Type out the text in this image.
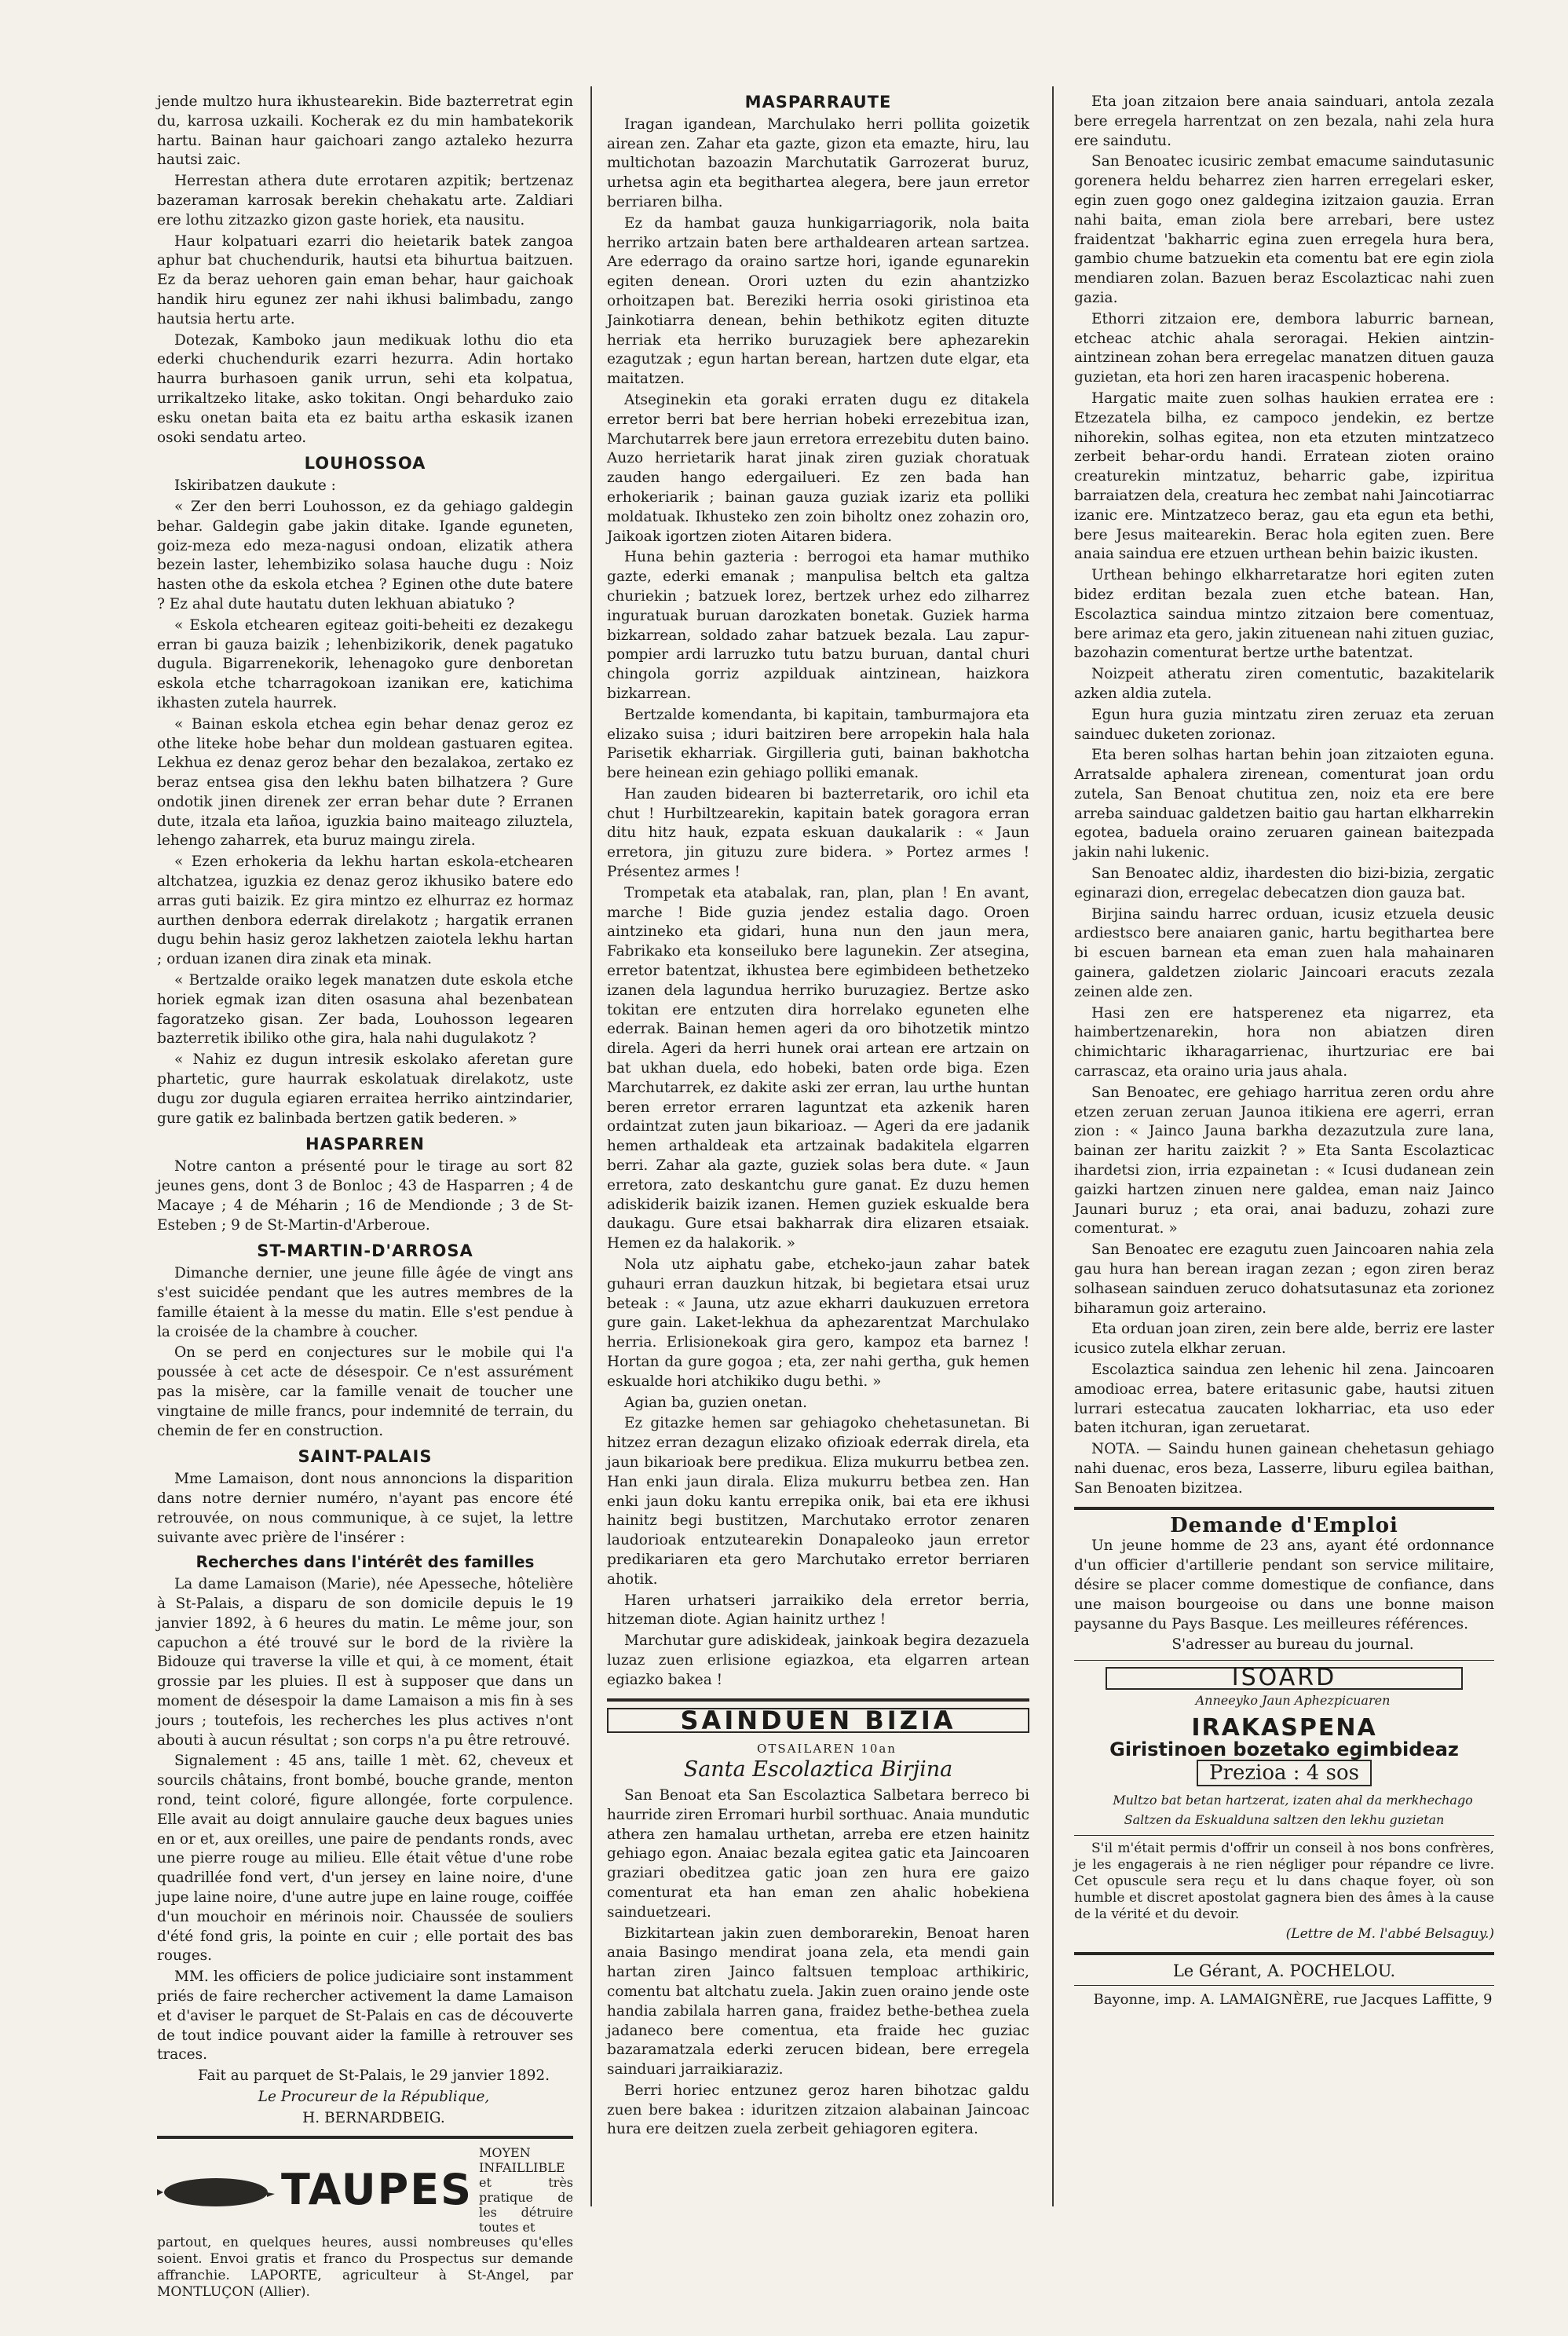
jende multzo hura ikhustearekin. Bide bazterretrat egin du, karrosa uzkaili. Kocherak ez du min hambatekorik hartu. Bainan haur gaichoari zango aztaleko hezurra hautsi zaic.

Herrestan athera dute errotaren azpitik; bertzenaz bazeraman karrosak berekin chehakatu arte. Zaldiari ere lothu zitzazko gizon gaste horiek, eta nausitu.

Haur kolpatuari ezarri dio heietarik batek zangoa aphur bat chuchendurik, hautsi eta bihurtua baitzuen. Ez da beraz uehoren gain eman behar, haur gaichoak handik hiru egunez zer nahi ikhusi balimbadu, zango hautsia hertu arte.

Dotezak, Kamboko jaun medikuak lothu dio eta ederki chuchendurik ezarri hezurra. Adin hortako haurra burhasoen ganik urrun, sehi eta kolpatua, urrikaltzeko litake, asko tokitan. Ongi beharduko zaio esku onetan baita eta ez baitu artha eskasik izanen osoki sendatu arteo.

LOUHOSSOA

Iskiribatzen daukute :

« Zer den berri Louhosson, ez da gehiago galdegin behar. Galdegin gabe jakin ditake. Igande eguneten, goiz-meza edo meza-nagusi ondoan, elizatik athera bezein laster, lehembiziko solasa hauche dugu : Noiz hasten othe da eskola etchea ? Eginen othe dute batere ? Ez ahal dute hautatu duten lekhuan abiatuko ?

« Eskola etchearen egiteaz goiti-beheiti ez dezakegu erran bi gauza baizik ; lehenbizikorik, denek pagatuko dugula. Bigarrenekorik, lehenagoko gure denboretan eskola etche tcharragokoan izanikan ere, katichima ikhasten zutela haurrek.

« Bainan eskola etchea egin behar denaz geroz ez othe liteke hobe behar dun moldean gastuaren egitea. Lekhua ez denaz geroz behar den bezalakoa, zertako ez beraz entsea gisa den lekhu baten bilhatzera ? Gure ondotik jinen direnek zer erran behar dute ? Erranen dute, itzala eta lañoa, iguzkia baino maiteago ziluztela, lehengo zaharrek, eta buruz maingu zirela.

« Ezen erhokeria da lekhu hartan eskola-etchearen altchatzea, iguzkia ez denaz geroz ikhusiko batere edo arras guti baizik. Ez gira mintzo ez elhurraz ez hormaz aurthen denbora ederrak direlakotz ; hargatik erranen dugu behin hasiz geroz lakhetzen zaiotela lekhu hartan ; orduan izanen dira zinak eta minak.

« Bertzalde oraiko legek manatzen dute eskola etche horiek egmak izan diten osasuna ahal bezenbatean fagoratzeko gisan. Zer bada, Louhosson legearen bazterretik ibiliko othe gira, hala nahi dugulakotz ?

« Nahiz ez dugun intresik eskolako aferetan gure phartetic, gure haurrak eskolatuak direlakotz, uste dugu zor dugula egiaren erraitea herriko aintzindarier, gure gatik ez balinbada bertzen gatik bederen. »

HASPARREN

Notre canton a présenté pour le tirage au sort 82 jeunes gens, dont 3 de Bonloc ; 43 de Hasparren ; 4 de Macaye ; 4 de Méharin ; 16 de Mendionde ; 3 de St-Esteben ; 9 de St-Martin-d'Arberoue.

ST-MARTIN-D'ARROSA

Dimanche dernier, une jeune fille âgée de vingt ans s'est suicidée pendant que les autres membres de la famille étaient à la messe du matin. Elle s'est pendue à la croisée de la chambre à coucher.

On se perd en conjectures sur le mobile qui l'a poussée à cet acte de désespoir. Ce n'est assurément pas la misère, car la famille venait de toucher une vingtaine de mille francs, pour indemnité de terrain, du chemin de fer en construction.

SAINT-PALAIS

Mme Lamaison, dont nous annoncions la disparition dans notre dernier numéro, n'ayant pas encore été retrouvée, on nous communique, à ce sujet, la lettre suivante avec prière de l'insérer :

Recherches dans l'intérêt des familles

La dame Lamaison (Marie), née Apesseche, hôtelière à St-Palais, a disparu de son domicile depuis le 19 janvier 1892, à 6 heures du matin. Le même jour, son capuchon a été trouvé sur le bord de la rivière la Bidouze qui traverse la ville et qui, à ce moment, était grossie par les pluies. Il est à supposer que dans un moment de désespoir la dame Lamaison a mis fin à ses jours ; toutefois, les recherches les plus actives n'ont abouti à aucun résultat ; son corps n'a pu être retrouvé.

Signalement : 45 ans, taille 1 mèt. 62, cheveux et sourcils châtains, front bombé, bouche grande, menton rond, teint coloré, figure allongée, forte corpulence. Elle avait au doigt annulaire gauche deux bagues unies en or et, aux oreilles, une paire de pendants ronds, avec une pierre rouge au milieu. Elle était vêtue d'une robe quadrillée fond vert, d'un jersey en laine noire, d'une jupe laine noire, d'une autre jupe en laine rouge, coiffée d'un mouchoir en mérinois noir. Chaussée de souliers d'été fond gris, la pointe en cuir ; elle portait des bas rouges.

MM. les officiers de police judiciaire sont instamment priés de faire rechercher activement la dame Lamaison et d'aviser le parquet de St-Palais en cas de découverte de tout indice pouvant aider la famille à retrouver ses traces.

Fait au parquet de St-Palais, le 29 janvier 1892.

Le Procureur de la République,

H. BERNARDBEIG.

TAUPES
MOYEN INFAILLIBLE et très pratique de les détruire toutes et

partout, en quelques heures, aussi nombreuses qu'elles soient. Envoi gratis et franco du Prospectus sur demande affranchie. LAPORTE, agriculteur à St-Angel, par MONTLUÇON (Allier).

MASPARRAUTE

Iragan igandean, Marchulako herri pollita goizetik airean zen. Zahar eta gazte, gizon eta emazte, hiru, lau multichotan bazoazin Marchutatik Garrozerat buruz, urhetsa agin eta begithartea alegera, bere jaun erretor berriaren bilha.

Ez da hambat gauza hunkigarriagorik, nola baita herriko artzain baten bere arthaldearen artean sartzea. Are ederrago da oraino sartze hori, igande egunarekin egiten denean. Orori uzten du ezin ahantzizko orhoitzapen bat. Bereziki herria osoki giristinoa eta Jainkotiarra denean, behin bethikotz egiten dituzte herriak eta herriko buruzagiek bere aphezarekin ezagutzak ; egun hartan berean, hartzen dute elgar, eta maitatzen.

Atseginekin eta goraki erraten dugu ez ditakela erretor berri bat bere herrian hobeki errezebitua izan, Marchutarrek bere jaun erretora errezebitu duten baino. Auzo herrietarik harat jinak ziren guziak choratuak zauden hango edergailueri. Ez zen bada han erhokeriarik ; bainan gauza guziak izariz eta polliki moldatuak. Ikhusteko zen zoin biholtz onez zohazin oro, Jaikoak igortzen zioten Aitaren bidera.

Huna behin gazteria : berrogoi eta hamar muthiko gazte, ederki emanak ; manpulisa beltch eta galtza churiekin ; batzuek lorez, bertzek urhez edo zilharrez inguratuak buruan darozkaten bonetak. Guziek harma bizkarrean, soldado zahar batzuek bezala. Lau zapur-pompier ardi larruzko tutu batzu buruan, dantal churi chingola gorriz azpilduak aintzinean, haizkora bizkarrean.

Bertzalde komendanta, bi kapitain, tamburmajora eta elizako suisa ; iduri baitziren bere arropekin hala hala Parisetik ekharriak. Girgilleria guti, bainan bakhotcha bere heinean ezin gehiago polliki emanak.

Han zauden bidearen bi bazterretarik, oro ichil eta chut ! Hurbiltzearekin, kapitain batek goragora erran ditu hitz hauk, ezpata eskuan daukalarik : « Jaun erretora, jin gituzu zure bidera. » Portez armes ! Présentez armes !

Trompetak eta atabalak, ran, plan, plan ! En avant, marche ! Bide guzia jendez estalia dago. Oroen aintzineko eta gidari, huna nun den jaun mera, Fabrikako eta konseiluko bere lagunekin. Zer atsegina, erretor batentzat, ikhustea bere egimbideen bethetzeko izanen dela lagundua herriko buruzagiez. Bertze asko tokitan ere entzuten dira horrelako eguneten elhe ederrak. Bainan hemen ageri da oro bihotzetik mintzo direla. Ageri da herri hunek orai artean ere artzain on bat ukhan duela, edo hobeki, baten orde biga. Ezen Marchutarrek, ez dakite aski zer erran, lau urthe huntan beren erretor erraren laguntzat eta azkenik haren ordaintzat zuten jaun bikarioaz. — Ageri da ere jadanik hemen arthaldeak eta artzainak badakitela elgarren berri. Zahar ala gazte, guziek solas bera dute. « Jaun erretora, zato deskantchu gure ganat. Ez duzu hemen adiskiderik baizik izanen. Hemen guziek eskualde bera daukagu. Gure etsai bakharrak dira elizaren etsaiak. Hemen ez da halakorik. »

Nola utz aiphatu gabe, etcheko-jaun zahar batek guhauri erran dauzkun hitzak, bi begietara etsai uruz beteak : « Jauna, utz azue ekharri daukuzuen erretora gure gain. Laket-lekhua da aphezarentzat Marchulako herria. Erlisionekoak gira gero, kampoz eta barnez ! Hortan da gure gogoa ; eta, zer nahi gertha, guk hemen eskualde hori atchikiko dugu bethi. »

Agian ba, guzien onetan.

Ez gitazke hemen sar gehiagoko chehetasunetan. Bi hitzez erran dezagun elizako ofizioak ederrak direla, eta jaun bikarioak bere predikua. Eliza mukurru betbea zen. Han enki jaun dirala. Eliza mukurru betbea zen. Han enki jaun doku kantu errepika onik, bai eta ere ikhusi hainitz begi bustitzen, Marchutako errotor zenaren laudorioak entzutearekin Donapaleoko jaun erretor predikariaren eta gero Marchutako erretor berriaren ahotik.

Haren urhatseri jarraikiko dela erretor berria, hitzeman diote. Agian hainitz urthez !

Marchutar gure adiskideak, jainkoak begira dezazuela luzaz zuen erlisione egiazkoa, eta elgarren artean egiazko bakea !

SAINDUEN BIZIA

OTSAILAREN 10an

Santa Escolaztica Birjina

San Benoat eta San Escolaztica Salbetara berreco bi haurride ziren Erromari hurbil sorthuac. Anaia mundutic athera zen hamalau urthetan, arreba ere etzen hainitz gehiago egon. Anaiac bezala egitea gatic eta Jaincoaren graziari obeditzea gatic joan zen hura ere gaizo comenturat eta han eman zen ahalic hobekiena sainduetzeari.

Bizkitartean jakin zuen demborarekin, Benoat haren anaia Basingo mendirat joana zela, eta mendi gain hartan ziren Jainco faltsuen temploac arthikiric, comentu bat altchatu zuela. Jakin zuen oraino jende oste handia zabilala harren gana, fraidez bethe-bethea zuela jadaneco bere comentua, eta fraide hec guziac bazaramatzala ederki zerucen bidean, bere erregela sainduari jarraikiaraziz.

Berri horiec entzunez geroz haren bihotzac galdu zuen bere bakea : iduritzen zitzaion alabainan Jaincoac hura ere deitzen zuela zerbeit gehiagoren egitera.

Eta joan zitzaion bere anaia sainduari, antola zezala bere erregela harrentzat on zen bezala, nahi zela hura ere saindutu.

San Benoatec icusiric zembat emacume saindutasunic gorenera heldu beharrez zien harren erregelari esker, egin zuen gogo onez galdegina izitzaion gauzia. Erran nahi baita, eman ziola bere arrebari, bere ustez fraidentzat 'bakharric egina zuen erregela hura bera, gambio chume batzuekin eta comentu bat ere egin ziola mendiaren zolan. Bazuen beraz Escolazticac nahi zuen gazia.

Ethorri zitzaion ere, dembora laburric barnean, etcheac atchic ahala seroragai. Hekien aintzin-aintzinean zohan bera erregelac manatzen dituen gauza guzietan, eta hori zen haren iracaspenic hoberena.

Hargatic maite zuen solhas haukien erratea ere : Etzezatela bilha, ez campoco jendekin, ez bertze nihorekin, solhas egitea, non eta etzuten mintzatzeco zerbeit behar-ordu handi. Erratean zioten oraino creaturekin mintzatuz, beharric gabe, izpiritua barraiatzen dela, creatura hec zembat nahi Jaincotiarrac izanic ere. Mintzatzeco beraz, gau eta egun eta bethi, bere Jesus maitearekin. Berac hola egiten zuen. Bere anaia saindua ere etzuen urthean behin baizic ikusten.

Urthean behingo elkharretaratze hori egiten zuten bidez erditan bezala zuen etche batean. Han, Escolaztica saindua mintzo zitzaion bere comentuaz, bere arimaz eta gero, jakin zituenean nahi zituen guziac, bazohazin comenturat bertze urthe batentzat.

Noizpeit atheratu ziren comentutic, bazakitelarik azken aldia zutela.

Egun hura guzia mintzatu ziren zeruaz eta zeruan sainduec duketen zorionaz.

Eta beren solhas hartan behin joan zitzaioten eguna. Arratsalde aphalera zirenean, comenturat joan ordu zutela, San Benoat chutitua zen, noiz eta ere bere arreba sainduac galdetzen baitio gau hartan elkharrekin egotea, baduela oraino zeruaren gainean baitezpada jakin nahi lukenic.

San Benoatec aldiz, ihardesten dio bizi-bizia, zergatic eginarazi dion, erregelac debecatzen dion gauza bat.

Birjina saindu harrec orduan, icusiz etzuela deusic ardiestsco bere anaiaren ganic, hartu begithartea bere bi escuen barnean eta eman zuen hala mahainaren gainera, galdetzen ziolaric Jaincoari eracuts zezala zeinen alde zen.

Hasi zen ere hatsperenez eta nigarrez, eta haimbertzenarekin, hora non abiatzen diren chimichtaric ikharagarrienac, ihurtzuriac ere bai carrascaz, eta oraino uria jaus ahala.

San Benoatec, ere gehiago harritua zeren ordu ahre etzen zeruan zeruan Jaunoa itikiena ere agerri, erran zion : « Jainco Jauna barkha dezazutzula zure lana, bainan zer haritu zaizkit ? » Eta Santa Escolazticac ihardetsi zion, irria ezpainetan : « Icusi dudanean zein gaizki hartzen zinuen nere galdea, eman naiz Jainco Jaunari buruz ; eta orai, anai baduzu, zohazi zure comenturat. »

San Benoatec ere ezagutu zuen Jaincoaren nahia zela gau hura han berean iragan zezan ; egon ziren beraz solhasean sainduen zeruco dohatsutasunaz eta zorionez biharamun goiz arteraino.

Eta orduan joan ziren, zein bere alde, berriz ere laster icusico zutela elkhar zeruan.

Escolaztica saindua zen lehenic hil zena. Jaincoaren amodioac errea, batere eritasunic gabe, hautsi zituen lurrari estecatua zaucaten lokharriac, eta uso eder baten itchuran, igan zeruetarat.

NOTA. — Saindu hunen gainean chehetasun gehiago nahi duenac, eros beza, Lasserre, liburu egilea baithan, San Benoaten bizitzea.

Demande d'Emploi

Un jeune homme de 23 ans, ayant été ordonnance d'un officier d'artillerie pendant son service militaire, désire se placer comme domestique de confiance, dans une maison bourgeoise ou dans une bonne maison paysanne du Pays Basque. Les meilleures références.

S'adresser au bureau du journal.

ISOARD

Anneeyko Jaun Aphezpicuaren

IRAKASPENA
Giristinoen bozetako egimbideaz
Prezioa : 4 sos

Multzo bat betan hartzerat, izaten ahal da merkhechago Saltzen da Eskualduna saltzen den lekhu guzietan

S'il m'était permis d'offrir un conseil à nos bons confrères, je les engagerais à ne rien négliger pour répandre ce livre. Cet opuscule sera reçu et lu dans chaque foyer, où son humble et discret apostolat gagnera bien des âmes à la cause de la vérité et du devoir.

(Lettre de M. l'abbé Belsaguy.)

Le Gérant, A. POCHELOU.

Bayonne, imp. A. LAMAIGNÈRE, rue Jacques Laffitte, 9
